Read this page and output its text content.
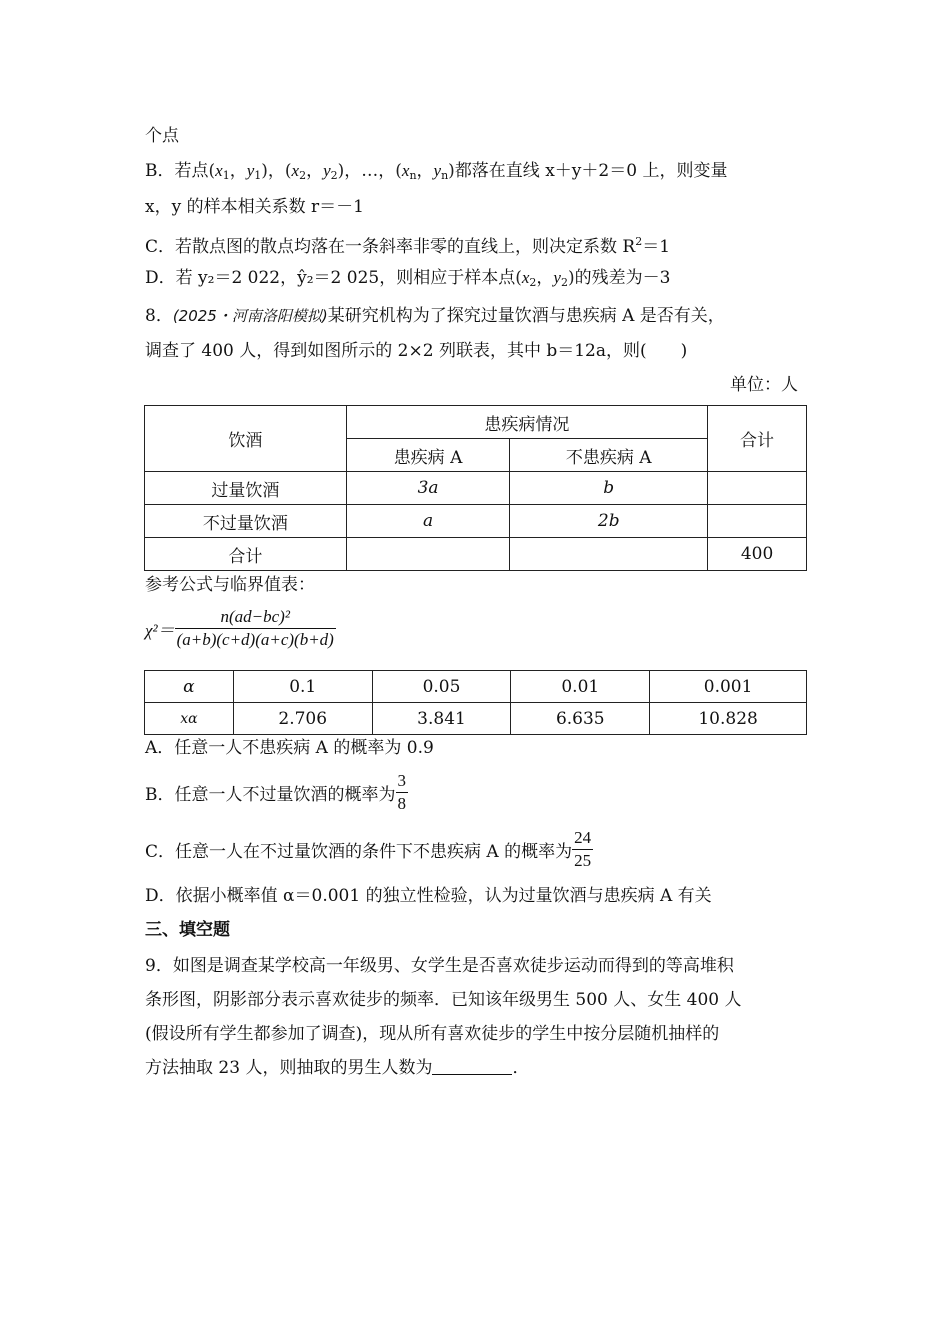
个点
B．若点($x_1$，$y_1$)，($x_2$，$y_2$)，…，($x_n$，$y_n$)都落在直线 x＋y＋2＝0 上，则变量
x，y 的样本相关系数 r＝－1
C．若散点图的散点均落在一条斜率非零的直线上，则决定系数 $R^2=1$
D．若 y₂＝2 022，ŷ₂＝2 025，则相应于样本点($x_2$，$y_2$)的残差为－3
8．(2025・河南洛阳模拟)某研究机构为了探究过量饮酒与患疾病 A 是否有关，
调查了 400 人，得到如图所示的 2×2 列联表，其中 b＝12a，则(　　)
单位：人
饮酒	患疾病情况		合计
	患疾病 A	不患疾病 A	
过量饮酒	3a	b	
不过量饮酒	a	2b	
合计			400
参考公式与临界值表：
$\chi^2= \frac{\text{n(ad−bc)²}}{(a+b)(c+d)(a+c)(b+d)}$
α	0.1	0.05	0.01	0.001
xα	2.706	3.841	6.635	10.828
A．任意一人不患疾病 A 的概率为 0.9
B．任意一人不过量饮酒的概率为 $\frac{3}{8}$
C．任意一人在不过量饮酒的条件下不患疾病 A 的概率为 $\frac{24}{25}$
D．依据小概率值 α＝0.001 的独立性检验，认为过量饮酒与患疾病 A 有关
三、填空题
9．如图是调查某学校高一年级男、女学生是否喜欢徒步运动而得到的等高堆积
条形图，阴影部分表示喜欢徒步的频率．已知该年级男生 500 人、女生 400 人
(假设所有学生都参加了调查)，现从所有喜欢徒步的学生中按分层随机抽样的
方法抽取 23 人，则抽取的男生人数为	．
